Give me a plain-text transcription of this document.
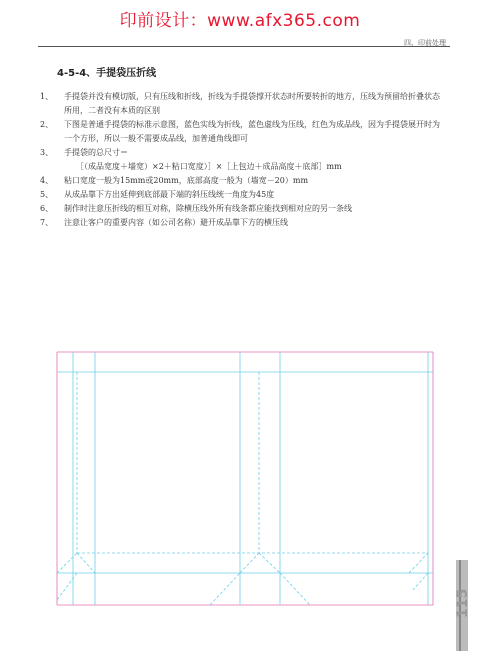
印前设计：www.afx365.com
四、印前处理
4-5-4、手提袋压折线
1、	手提袋并没有模切版，只有压线和折线，折线为手提袋撑开状态时所要转折的地方，压线为预留给折叠状态所用，二者没有本质的区别
2、	下图是普通手提袋的标准示意图，蓝色实线为折线，蓝色虚线为压线，红色为成品线，因为手提袋展开时为一个方形，所以一般不需要成品线，加普通角线即可
3、	手提袋的总尺寸＝
［（成品宽度＋墙宽）×2＋粘口宽度）］×［上包边＋成品高度＋底部］mm
4、	粘口宽度一般为15mm或20mm，底部高度一般为（墙宽－20）mm
5、	从成品靠下方出延伸到底部最下端的斜压线统一角度为45度
6、	制作时注意压折线的相互对称，除横压线外所有线条都应能找到相对应的另一条线
7、	注意让客户的重要内容（如公司名称）避开成品靠下方的横压线
115
